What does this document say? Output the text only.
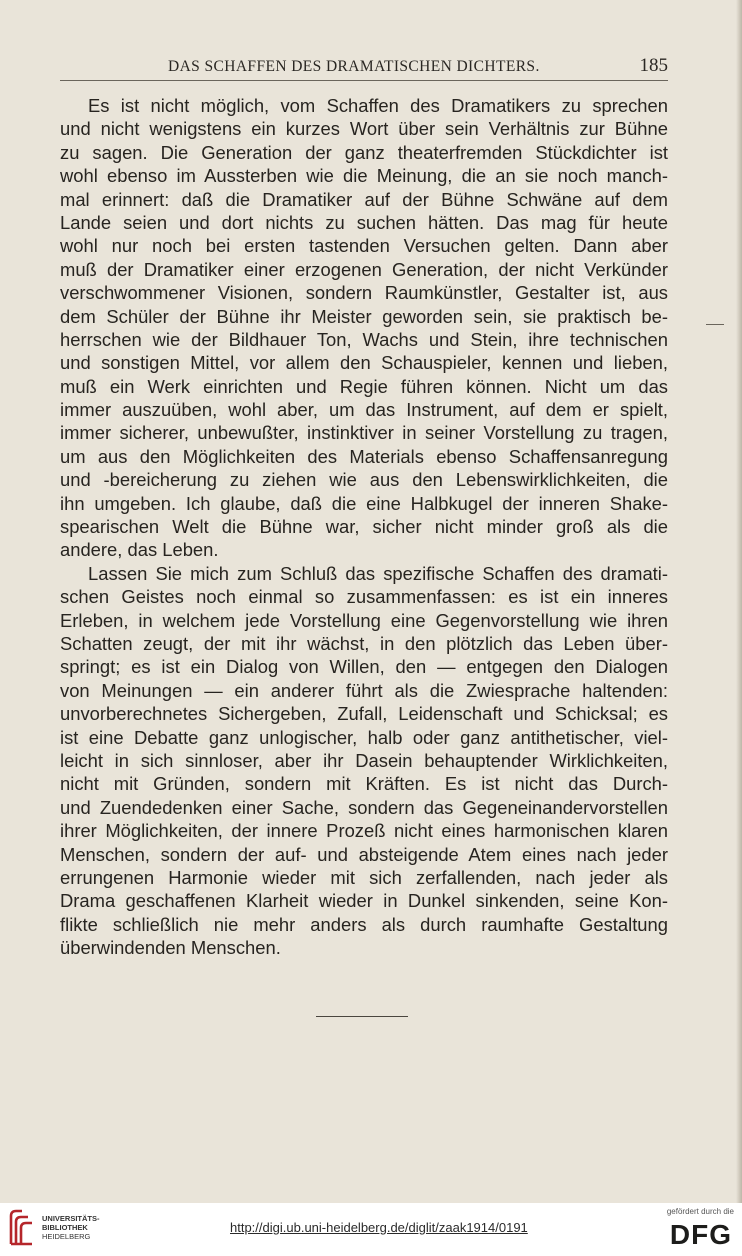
DAS SCHAFFEN DES DRAMATISCHEN DICHTERS.	185
Es ist nicht möglich, vom Schaffen des Dramatikers zu sprechen
und nicht wenigstens ein kurzes Wort über sein Verhältnis zur Bühne
zu sagen. Die Generation der ganz theaterfremden Stückdichter ist
wohl ebenso im Aussterben wie die Meinung, die an sie noch manch-
mal erinnert: daß die Dramatiker auf der Bühne Schwäne auf dem
Lande seien und dort nichts zu suchen hätten. Das mag für heute
wohl nur noch bei ersten tastenden Versuchen gelten. Dann aber
muß der Dramatiker einer erzogenen Generation, der nicht Verkünder
verschwommener Visionen, sondern Raumkünstler, Gestalter ist, aus
dem Schüler der Bühne ihr Meister geworden sein, sie praktisch be-
herrschen wie der Bildhauer Ton, Wachs und Stein, ihre technischen
und sonstigen Mittel, vor allem den Schauspieler, kennen und lieben,
muß ein Werk einrichten und Regie führen können. Nicht um das
immer auszuüben, wohl aber, um das Instrument, auf dem er spielt,
immer sicherer, unbewußter, instinktiver in seiner Vorstellung zu tragen,
um aus den Möglichkeiten des Materials ebenso Schaffensanregung
und -bereicherung zu ziehen wie aus den Lebenswirklichkeiten, die
ihn umgeben. Ich glaube, daß die eine Halbkugel der inneren Shake-
spearischen Welt die Bühne war, sicher nicht minder groß als die
andere, das Leben.
Lassen Sie mich zum Schluß das spezifische Schaffen des dramati-
schen Geistes noch einmal so zusammenfassen: es ist ein inneres
Erleben, in welchem jede Vorstellung eine Gegenvorstellung wie ihren
Schatten zeugt, der mit ihr wächst, in den plötzlich das Leben über-
springt; es ist ein Dialog von Willen, den — entgegen den Dialogen
von Meinungen — ein anderer führt als die Zwiesprache haltenden:
unvorberechnetes Sichergeben, Zufall, Leidenschaft und Schicksal; es
ist eine Debatte ganz unlogischer, halb oder ganz antithetischer, viel-
leicht in sich sinnloser, aber ihr Dasein behauptender Wirklichkeiten,
nicht mit Gründen, sondern mit Kräften. Es ist nicht das Durch-
und Zuendedenken einer Sache, sondern das Gegeneinandervorstellen
ihrer Möglichkeiten, der innere Prozeß nicht eines harmonischen klaren
Menschen, sondern der auf- und absteigende Atem eines nach jeder
errungenen Harmonie wieder mit sich zerfallenden, nach jeder als
Drama geschaffenen Klarheit wieder in Dunkel sinkenden, seine Kon-
flikte schließlich nie mehr anders als durch raumhafte Gestaltung
überwindenden Menschen.
UNIVERSITÄTS-
BIBLIOTHEK
HEIDELBERG
http://digi.ub.uni-heidelberg.de/diglit/zaak1914/0191
gefördert durch die
DFG
